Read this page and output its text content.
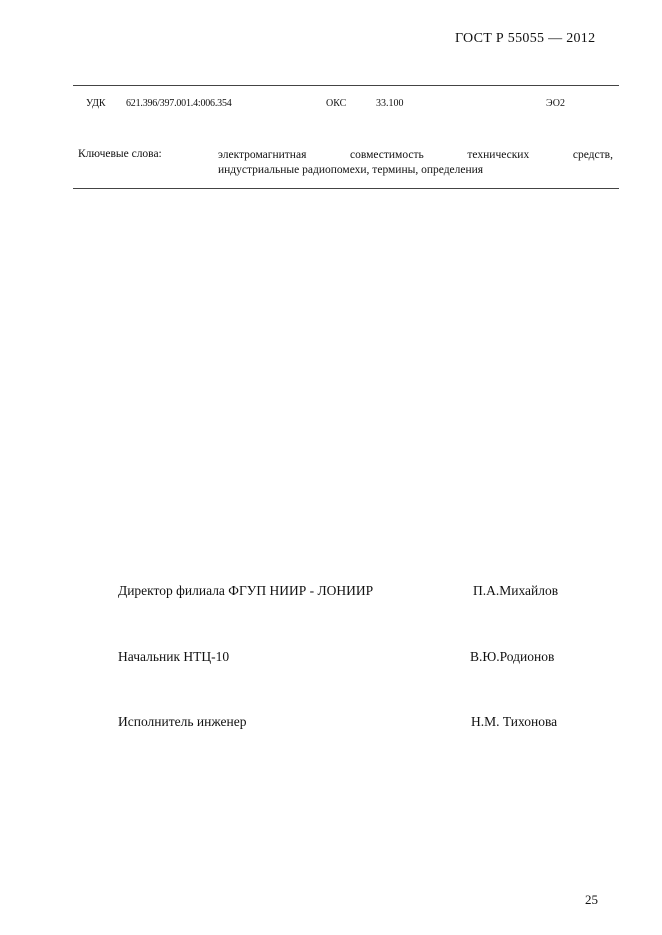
ГОСТ Р 55055 — 2012
УДК 621.396/397.001.4:006.354	ОКС	33.100	ЭО2
Ключевые слова:	электромагнитная	совместимость	технических	средств,
индустриальные радиопомехи, термины, определения
Директор филиала ФГУП НИИР - ЛОНИИР	П.А.Михайлов
Начальник НТЦ-10	В.Ю.Родионов
Исполнитель инженер	Н.М. Тихонова
25
